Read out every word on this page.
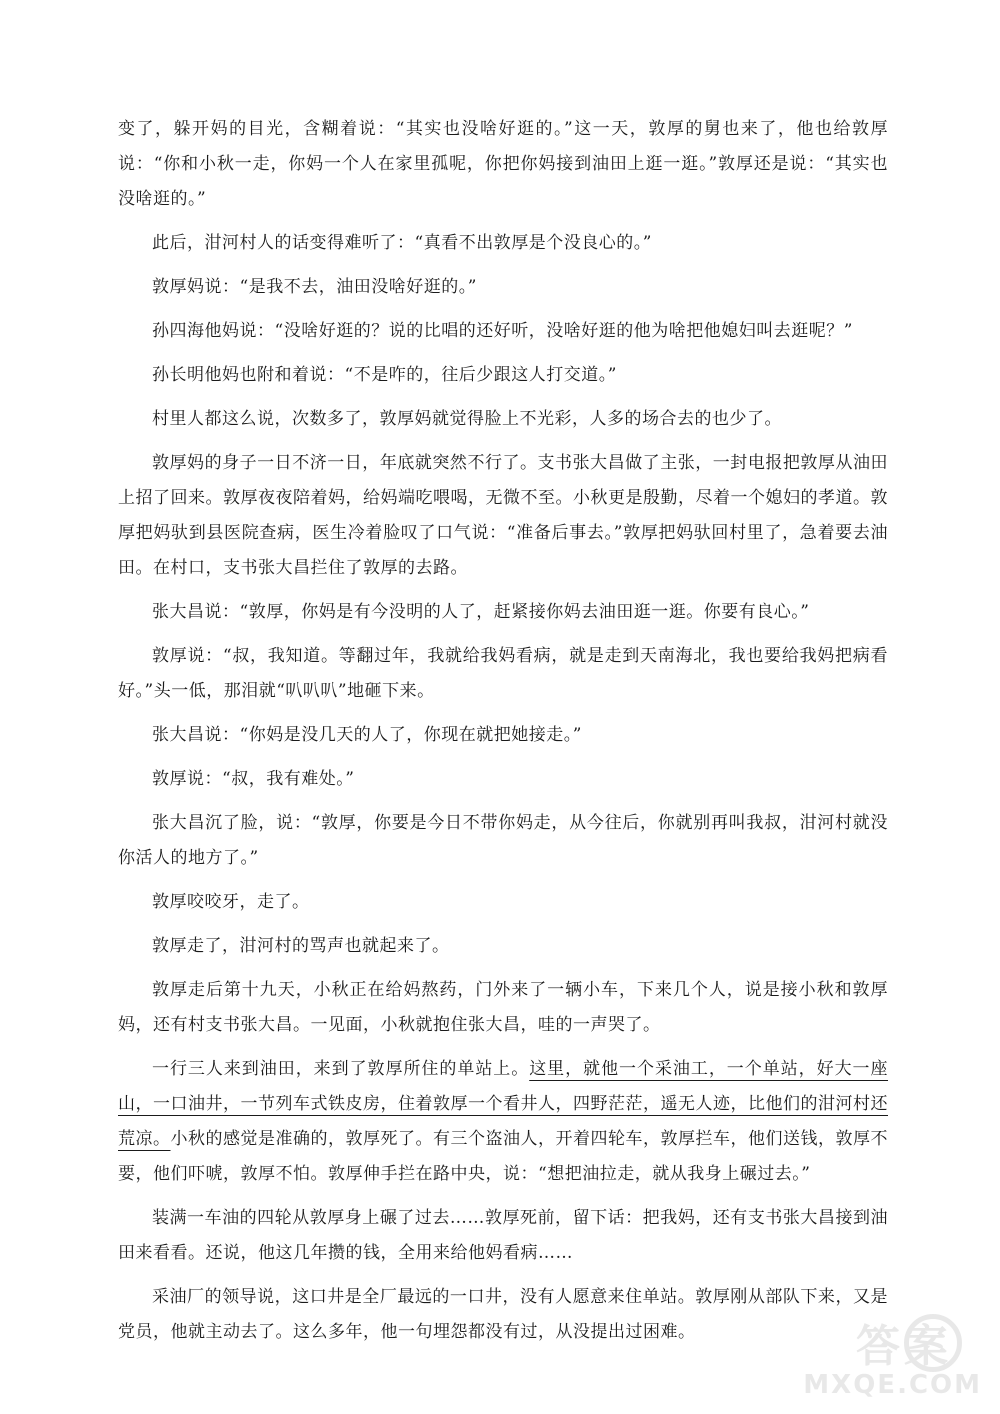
变了，躲开妈的目光，含糊着说：“其实也没啥好逛的。”这一天，敦厚的舅也来了，他也给敦厚说：“你和小秋一走，你妈一个人在家里孤呢，你把你妈接到油田上逛一逛。”敦厚还是说：“其实也没啥逛的。”

此后，泔河村人的话变得难听了：“真看不出敦厚是个没良心的。”

敦厚妈说：“是我不去，油田没啥好逛的。”

孙四海他妈说：“没啥好逛的？说的比唱的还好听，没啥好逛的他为啥把他媳妇叫去逛呢？”

孙长明他妈也附和着说：“不是咋的，往后少跟这人打交道。”

村里人都这么说，次数多了，敦厚妈就觉得脸上不光彩，人多的场合去的也少了。

敦厚妈的身子一日不济一日，年底就突然不行了。支书张大昌做了主张，一封电报把敦厚从油田上招了回来。敦厚夜夜陪着妈，给妈端吃喂喝，无微不至。小秋更是殷勤，尽着一个媳妇的孝道。敦厚把妈驮到县医院查病，医生冷着脸叹了口气说：“准备后事去。”敦厚把妈驮回村里了，急着要去油田。在村口，支书张大昌拦住了敦厚的去路。

张大昌说：“敦厚，你妈是有今没明的人了，赶紧接你妈去油田逛一逛。你要有良心。”

敦厚说：“叔，我知道。等翻过年，我就给我妈看病，就是走到天南海北，我也要给我妈把病看好。”头一低，那泪就“叭叭叭”地砸下来。

张大昌说：“你妈是没几天的人了，你现在就把她接走。”

敦厚说：“叔，我有难处。”

张大昌沉了脸，说：“敦厚，你要是今日不带你妈走，从今往后，你就别再叫我叔，泔河村就没你活人的地方了。”

敦厚咬咬牙，走了。

敦厚走了，泔河村的骂声也就起来了。

敦厚走后第十九天，小秋正在给妈熬药，门外来了一辆小车，下来几个人，说是接小秋和敦厚妈，还有村支书张大昌。一见面，小秋就抱住张大昌，哇的一声哭了。

一行三人来到油田，来到了敦厚所住的单站上。这里，就他一个采油工，一个单站，好大一座山，一口油井，一节列车式铁皮房，住着敦厚一个看井人，四野茫茫，遥无人迹，比他们的泔河村还荒凉。小秋的感觉是准确的，敦厚死了。有三个盗油人，开着四轮车，敦厚拦车，他们送钱，敦厚不要，他们吓唬，敦厚不怕。敦厚伸手拦在路中央，说：“想把油拉走，就从我身上碾过去。”

装满一车油的四轮从敦厚身上碾了过去……敦厚死前，留下话：把我妈，还有支书张大昌接到油田来看看。还说，他这几年攒的钱，全用来给他妈看病……

采油厂的领导说，这口井是全厂最远的一口井，没有人愿意来住单站。敦厚刚从部队下来，又是党员，他就主动去了。这么多年，他一句埋怨都没有过，从没提出过困难。	答案
MXQE.COM
